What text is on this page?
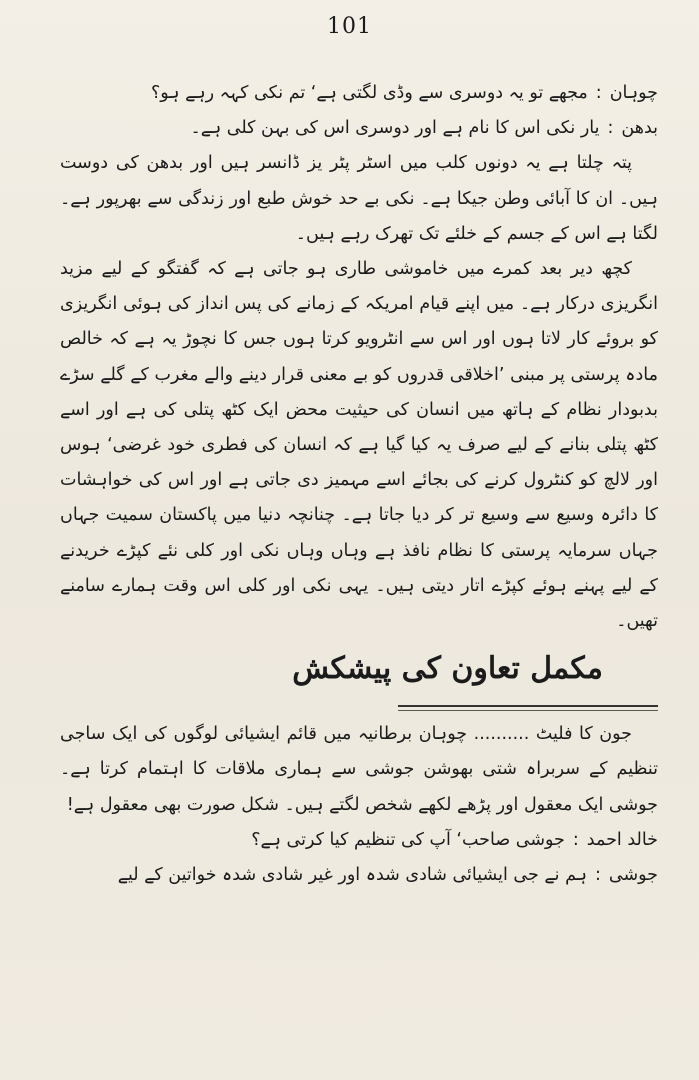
101

چوہان
:
مجھے تو یہ دوسری سے وڈی لگتی ہے‘ تم نکی کہہ رہے ہو؟

بدھن
:
یار نکی اس کا نام ہے اور دوسری اس کی بہن کلی ہے۔

پتہ چلتا ہے یہ دونوں کلب میں اسٹر پٹر یز ڈانسر ہیں اور بدھن کی دوست ہیں۔ ان کا آبائی وطن جیکا ہے۔ نکی بے حد خوش طبع اور زندگی سے بھرپور ہے۔ لگتا ہے اس کے جسم کے خلئے تک تھرک رہے ہیں۔

کچھ دیر بعد کمرے میں خاموشی طاری ہو جاتی ہے کہ گفتگو کے لیے مزید انگریزی درکار ہے۔ میں اپنے قیام امریکہ کے زمانے کی پس انداز کی ہوئی انگریزی کو بروئے کار لاتا ہوں اور اس سے انٹرویو کرتا ہوں جس کا نچوڑ یہ ہے کہ خالص مادہ پرستی پر مبنی ’اخلاقی قدروں کو بے معنی قرار دینے والے مغرب کے گلے سڑے بدبودار نظام کے ہاتھ میں انسان کی حیثیت محض ایک کٹھ پتلی کی ہے اور اسے کٹھ پتلی بنانے کے لیے صرف یہ کیا گیا ہے کہ انسان کی فطری خود غرضی‘ ہوس اور لالچ کو کنٹرول کرنے کی بجائے اسے مہمیز دی جاتی ہے اور اس کی خواہشات کا دائرہ وسیع سے وسیع تر کر دیا جاتا ہے۔ چنانچہ دنیا میں پاکستان سمیت جہاں جہاں سرمایہ پرستی کا نظام نافذ ہے وہاں وہاں نکی اور کلی نئے کپڑے خریدنے کے لیے پہنے ہوئے کپڑے اتار دیتی ہیں۔ یہی نکی اور کلی اس وقت ہمارے سامنے تھیں۔

مکمل تعاون کی پیشکش

جون کا فلیٹ .......... چوہان برطانیہ میں قائم ایشیائی لوگوں کی ایک ساجی تنظیم کے سربراہ شتی بھوشن جوشی سے ہماری ملاقات کا اہتمام کرتا ہے۔ جوشی ایک معقول اور پڑھے لکھے شخص لگتے ہیں۔ شکل صورت بھی معقول ہے!

خالد احمد
:
جوشی صاحب‘ آپ کی تنظیم کیا کرتی ہے؟

جوشی
:
ہم نے جی ایشیائی شادی شدہ اور غیر شادی شدہ خواتین کے لیے
